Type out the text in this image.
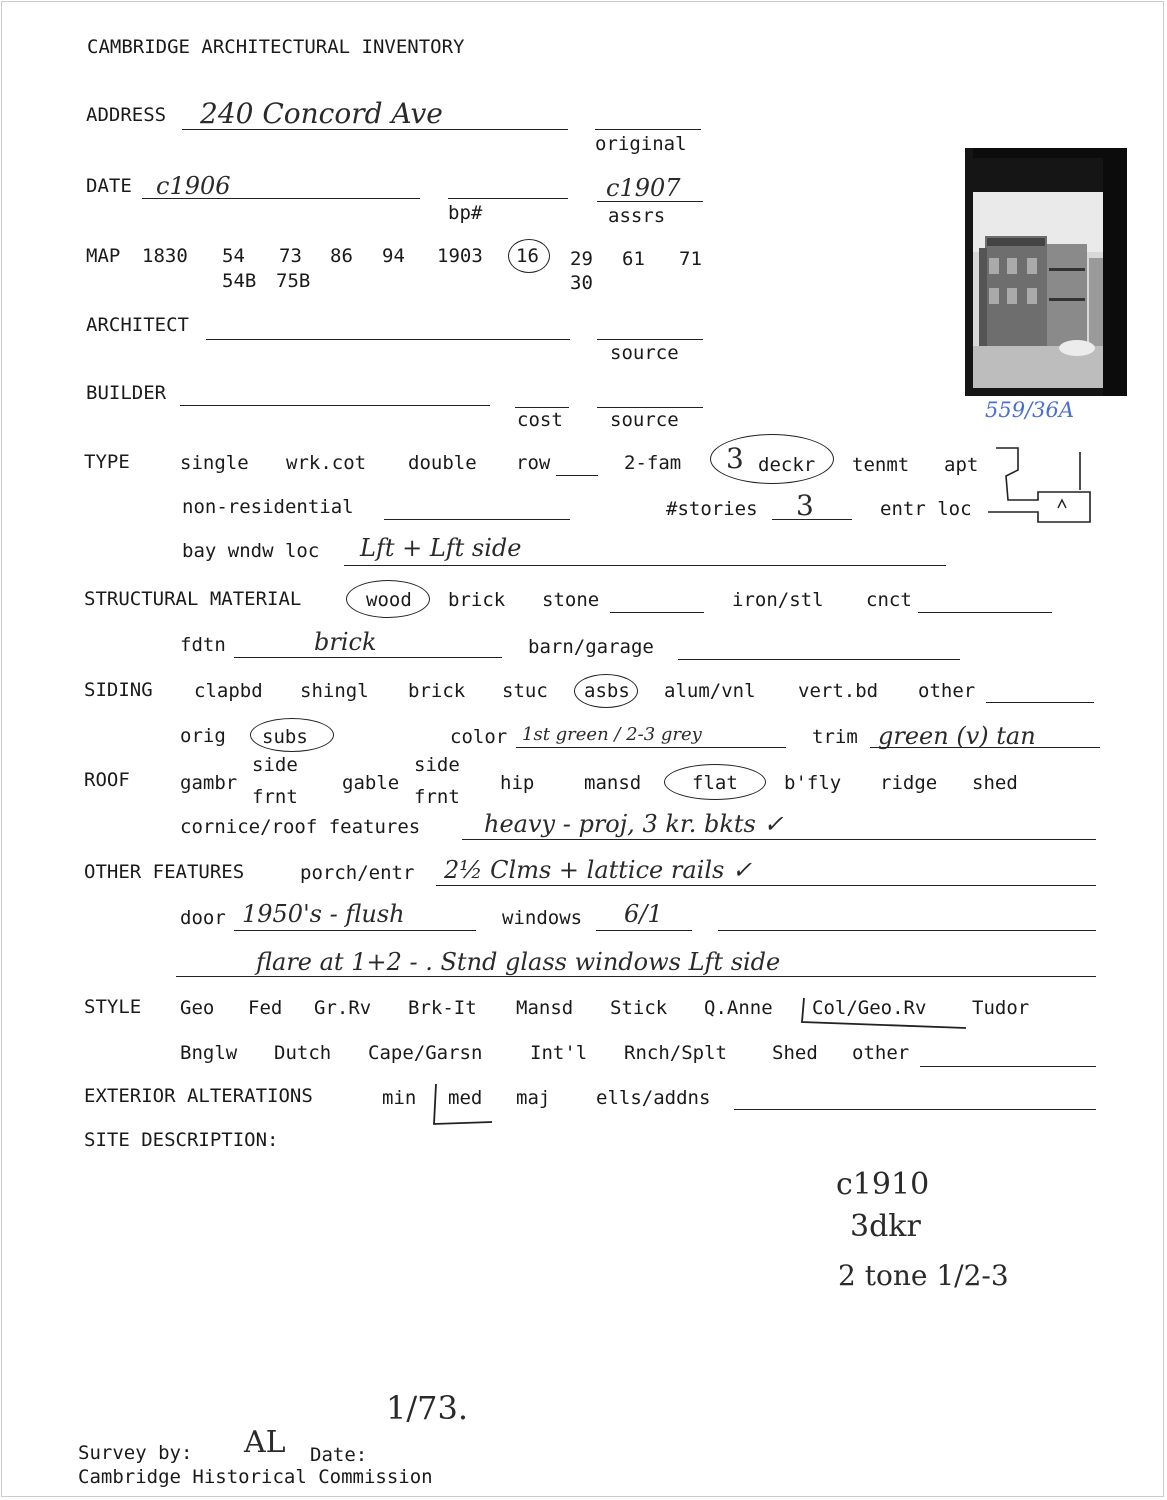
CAMBRIDGE ARCHITECTURAL INVENTORY
ADDRESS 240 Concord Ave
original
DATE c1906
bp#
c1907
assrs
MAP 1830 54 73 86 94 1903 16 29 61 71
54B 75B	30
ARCHITECT
source
BUILDER
cost source	559/36A
TYPE	single wrk.cot double row	2-fam 3 deckr tenmt apt
non-residential	#stories 3	entr loc
bay wndw loc Lft + Lft side
STRUCTURAL MATERIAL	wood brick stone	iron/stl cnct
fdtn	brick	barn/garage
SIDING clapbd shingl brick stuc asbs alum/vnl vert.bd other
orig subs	color 1st green / 2-3 grey	trim green (v) tan
ROOF	gambr
side
frnt
gable
side
frnt
hip	mansd	flat b'fly ridge shed
cornice/roof features	heavy - proj, 3 kr. bkts ✓
OTHER FEATURES	porch/entr 2½ Clms + lattice rails ✓
door 1950's - flush	windows 6/1
flare at 1+2 - . Stnd glass windows Lft side
STYLE Geo Fed Gr.Rv Brk-It Mansd Stick Q.Anne Col/Geo.Rv Tudor
Bnglw Dutch Cape/Garsn	Int'l Rnch/Splt Shed other
EXTERIOR ALTERATIONS	min med maj ells/addns
SITE DESCRIPTION:
c1910
3dkr
2 tone 1/2-3
1/73.
Survey by: AL Date:
Cambridge Historical Commission
